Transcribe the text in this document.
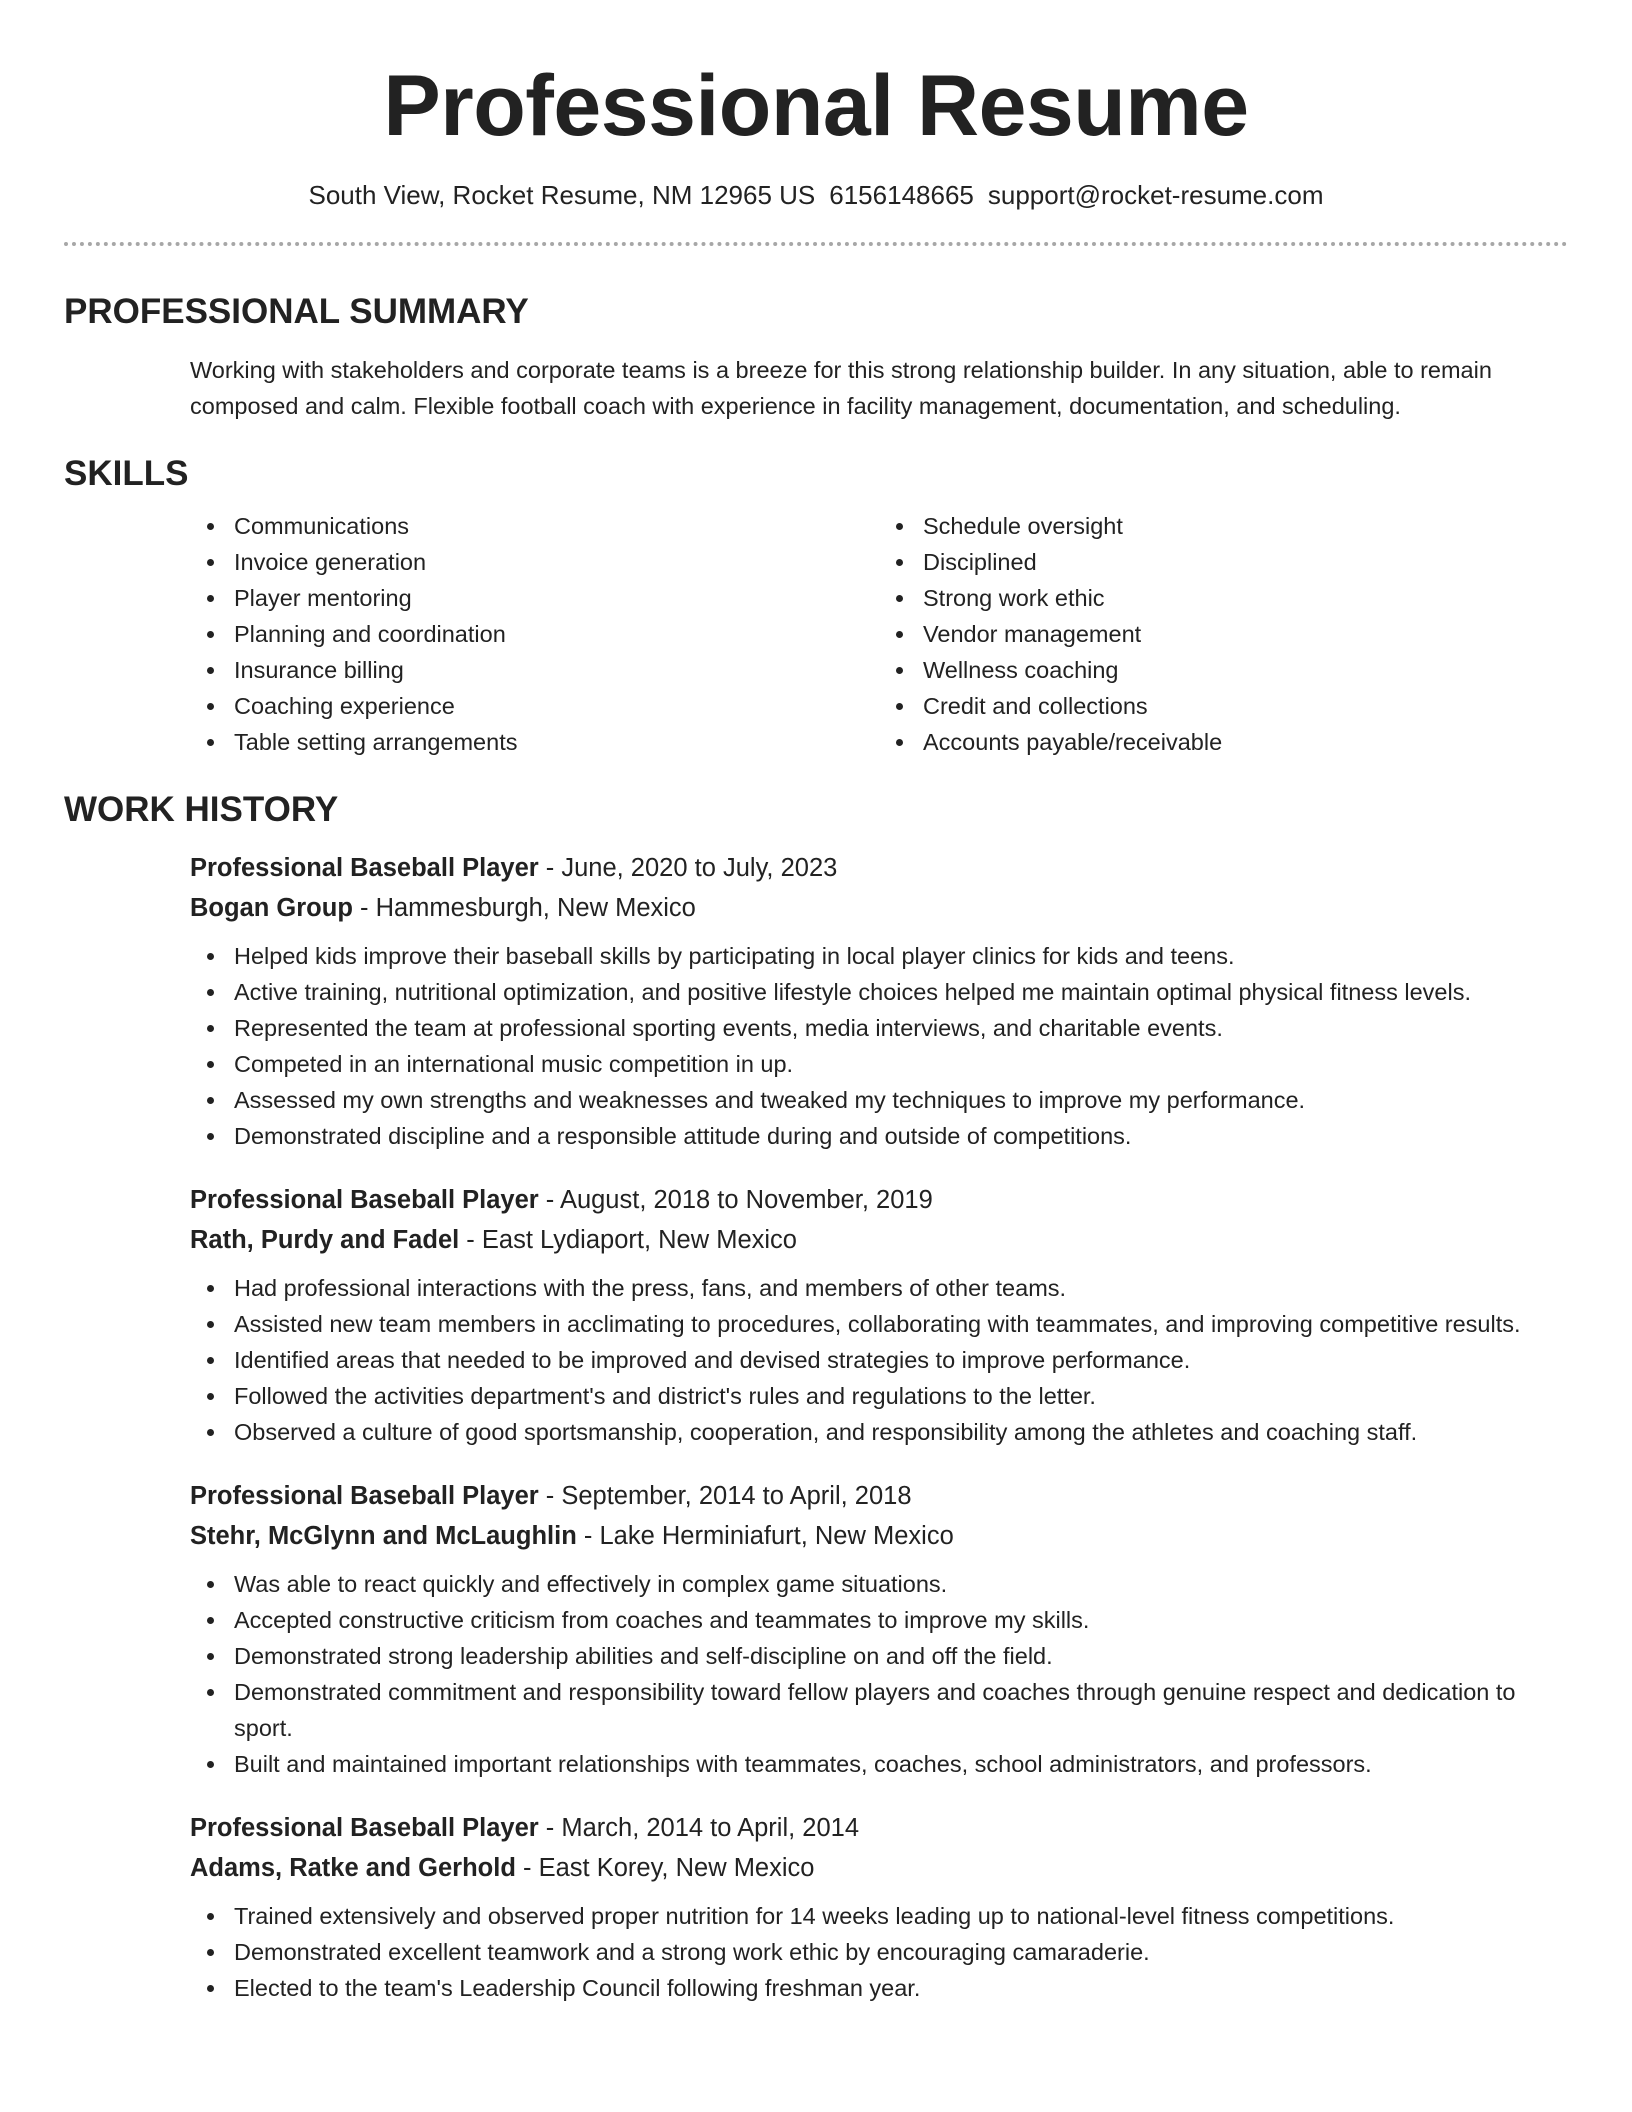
Professional Resume
South View, Rocket Resume, NM 12965 US 6156148665 support@rocket-resume.com
PROFESSIONAL SUMMARY

Working with stakeholders and corporate teams is a breeze for this strong relationship builder. In any situation, able to remain composed and calm. Flexible football coach with experience in facility management, documentation, and scheduling.

SKILLS
Communications
Invoice generation
Player mentoring
Planning and coordination
Insurance billing
Coaching experience
Table setting arrangements
Schedule oversight
Disciplined
Strong work ethic
Vendor management
Wellness coaching
Credit and collections
Accounts payable/receivable
WORK HISTORY
Professional Baseball Player - June, 2020 to July, 2023
Bogan Group - Hammesburgh, New Mexico
Helped kids improve their baseball skills by participating in local player clinics for kids and teens.
Active training, nutritional optimization, and positive lifestyle choices helped me maintain optimal physical fitness levels.
Represented the team at professional sporting events, media interviews, and charitable events.
Competed in an international music competition in up.
Assessed my own strengths and weaknesses and tweaked my techniques to improve my performance.
Demonstrated discipline and a responsible attitude during and outside of competitions.
Professional Baseball Player - August, 2018 to November, 2019
Rath, Purdy and Fadel - East Lydiaport, New Mexico
Had professional interactions with the press, fans, and members of other teams.
Assisted new team members in acclimating to procedures, collaborating with teammates, and improving competitive results.
Identified areas that needed to be improved and devised strategies to improve performance.
Followed the activities department's and district's rules and regulations to the letter.
Observed a culture of good sportsmanship, cooperation, and responsibility among the athletes and coaching staff.
Professional Baseball Player - September, 2014 to April, 2018
Stehr, McGlynn and McLaughlin - Lake Herminiafurt, New Mexico
Was able to react quickly and effectively in complex game situations.
Accepted constructive criticism from coaches and teammates to improve my skills.
Demonstrated strong leadership abilities and self-discipline on and off the field.
Demonstrated commitment and responsibility toward fellow players and coaches through genuine respect and dedication to sport.
Built and maintained important relationships with teammates, coaches, school administrators, and professors.
Professional Baseball Player - March, 2014 to April, 2014
Adams, Ratke and Gerhold - East Korey, New Mexico
Trained extensively and observed proper nutrition for 14 weeks leading up to national-level fitness competitions.
Demonstrated excellent teamwork and a strong work ethic by encouraging camaraderie.
Elected to the team's Leadership Council following freshman year.
